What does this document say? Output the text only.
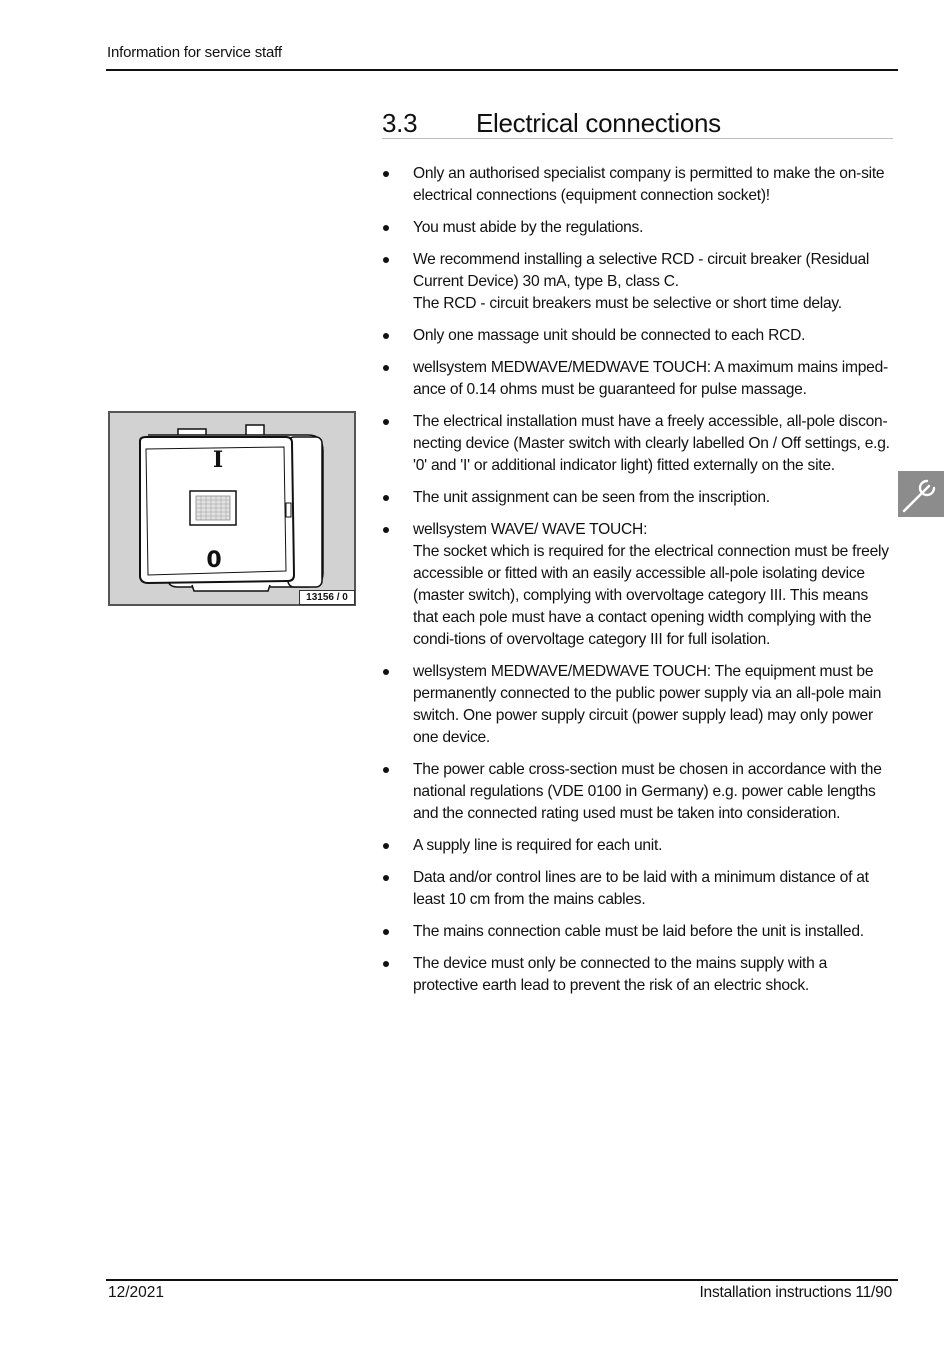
Information for service staff
3.3 Electrical connections
Only an authorised specialist company is permitted to make the on-site electrical connections (equipment connection socket)!
You must abide by the regulations.
We recommend installing a selective RCD - circuit breaker (Residual Current Device) 30 mA, type B, class C.
The RCD - circuit breakers must be selective or short time delay.
Only one massage unit should be connected to each RCD.
wellsystem MEDWAVE/MEDWAVE TOUCH: A maximum mains imped-ance of 0.14 ohms must be guaranteed for pulse massage.
The electrical installation must have a freely accessible, all-pole discon-necting device (Master switch with clearly labelled On / Off settings, e.g. '0' and 'I' or additional indicator light) fitted externally on the site.
The unit assignment can be seen from the inscription.
wellsystem WAVE/ WAVE TOUCH:
The socket which is required for the electrical connection must be freely accessible or fitted with an easily accessible all-pole isolating device (master switch), complying with overvoltage category III. This means that each pole must have a contact opening width complying with the condi-tions of overvoltage category III for full isolation.
wellsystem MEDWAVE/MEDWAVE TOUCH: The equipment must be permanently connected to the public power supply via an all-pole main switch. One power supply circuit (power supply lead) may only power one device.
The power cable cross-section must be chosen in accordance with the national regulations (VDE 0100 in Germany) e.g. power cable lengths and the connected rating used must be taken into consideration.
A supply line is required for each unit.
Data and/or control lines are to be laid with a minimum distance of at least 10 cm from the mains cables.
The mains connection cable must be laid before the unit is installed.
The device must only be connected to the mains supply with a protective earth lead to prevent the risk of an electric shock.
I
0
13156 / 0
12/2021	Installation instructions 11/90
